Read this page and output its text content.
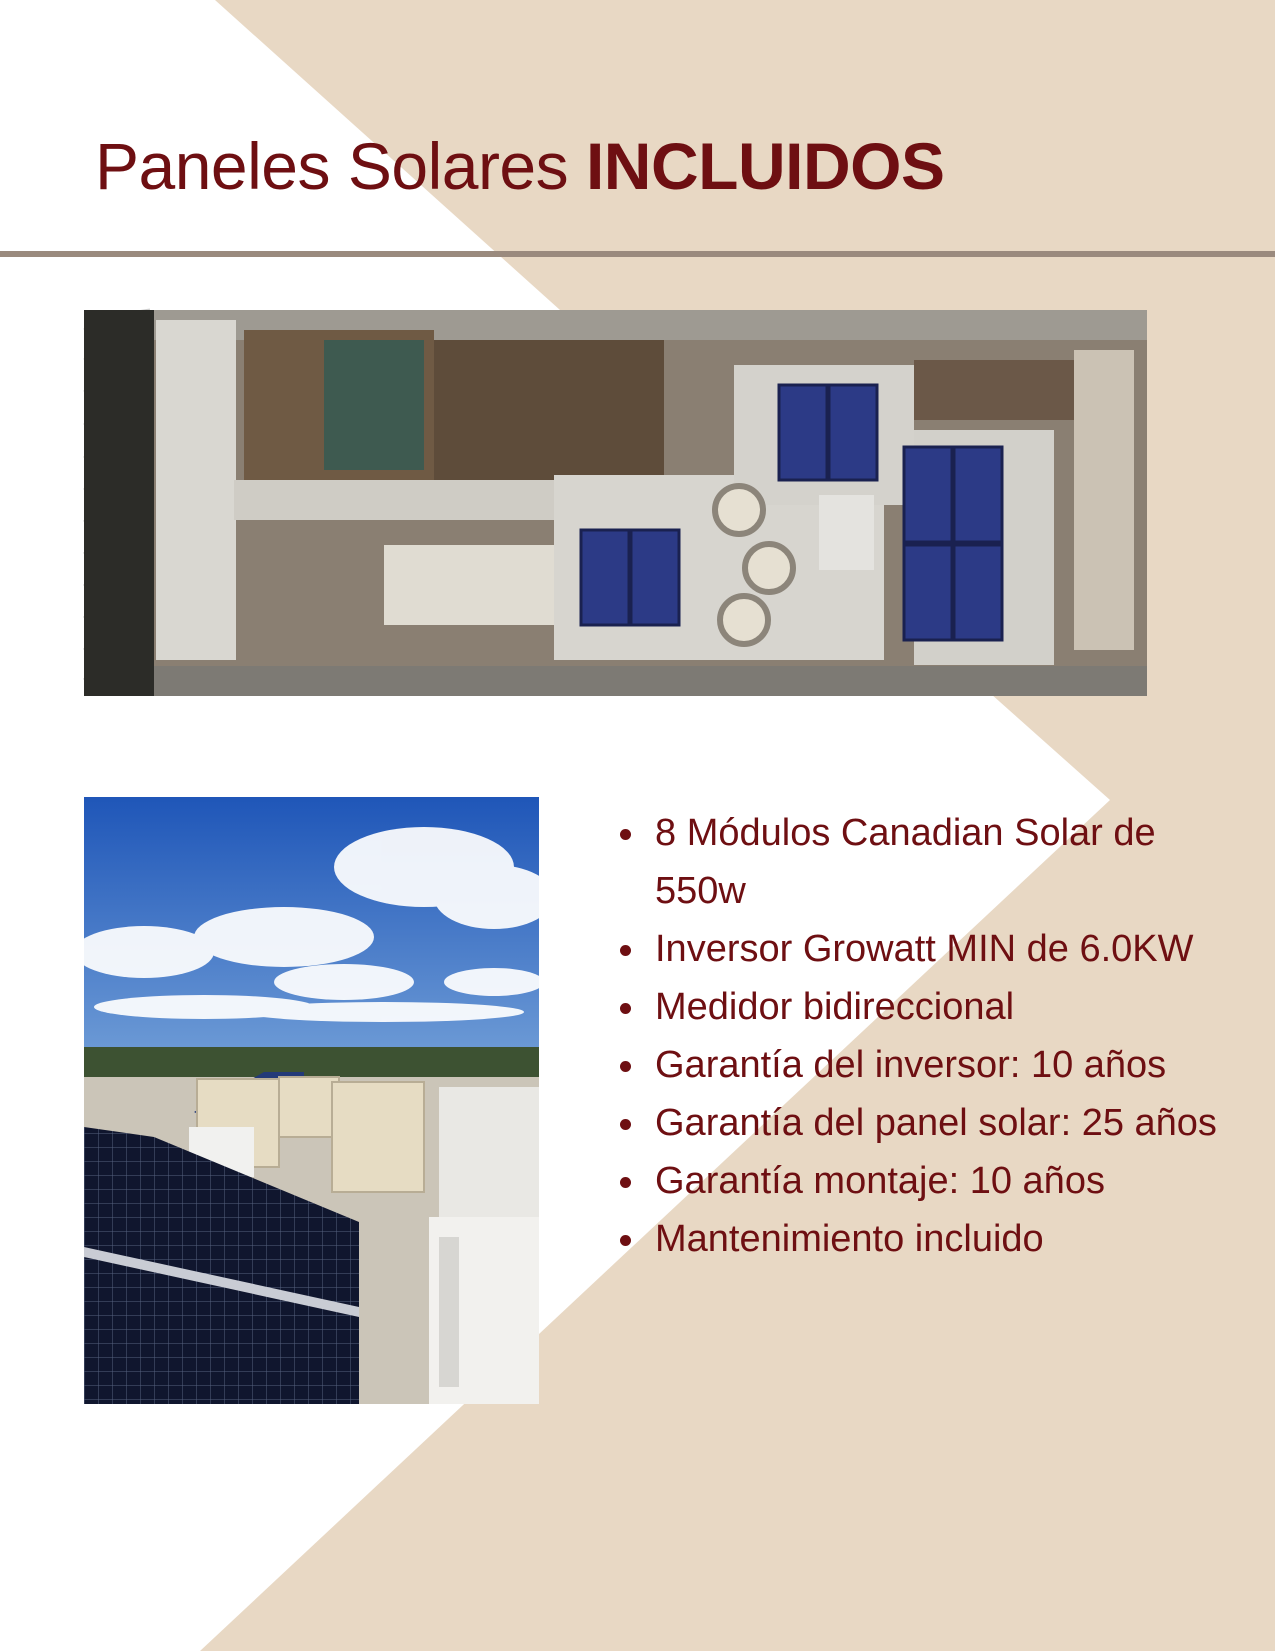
Paneles Solares INCLUIDOS
8 Módulos Canadian Solar de 550w
Inversor Growatt MIN de 6.0KW
Medidor bidireccional
Garantía del inversor: 10 años
Garantía del panel solar: 25 años
Garantía montaje: 10 años
Mantenimiento incluido
